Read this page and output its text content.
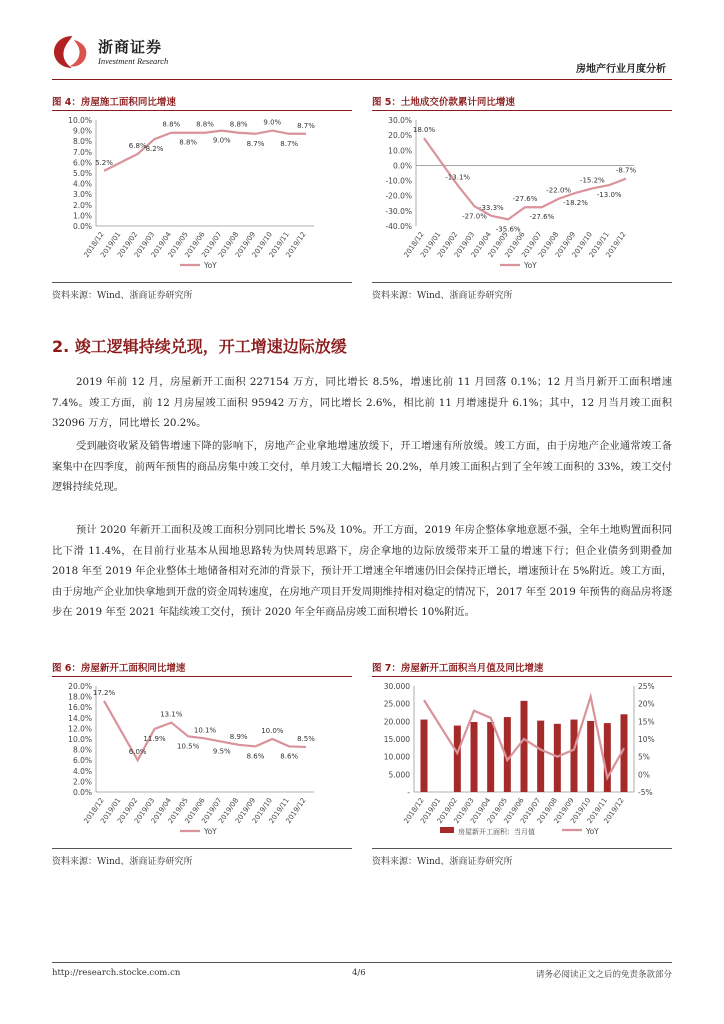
浙商证券
Investment Research
房地产行业月度分析
图 4：房屋施工面积同比增速
0.0%
1.0%
2.0%
3.0%
4.0%
5.0%
6.0%
7.0%
8.0%
9.0%
10.0%
2018/12
2019/01
2019/02
2019/03
2019/04
2019/05
2019/06
2019/07
2019/08
2019/09
2019/10
2019/11
2019/12
5.2%
6.8% 8.2%
8.8%
8.8%
8.8%
9.0%
8.8%
8.7%
9.0%
8.7%
8.7%
YoY
资料来源：Wind、浙商证券研究所
图 5：土地成交价款累计同比增速
-40.0%
-30.0%
-20.0%
-10.0%
0.0%
10.0%
20.0%
30.0%
2018/12
2019/01
2019/02
2019/03
2019/04
2019/05
2019/06
2019/07
2019/08
2019/09
2019/10
2019/11
2019/12
18.0%
-13.1%
-27.0%
-33.3%
-35.6%
-27.6%
-27.6%
-22.0%
-18.2%
-15.2%
-13.0%
-8.7%
YoY
资料来源：Wind、浙商证券研究所
2. 竣工逻辑持续兑现，开工增速边际放缓
2019 年前 12 月，房屋新开工面积 227154 万方，同比增长 8.5%，增速比前 11 月回落 0.1%；12 月当月新开工面积增速 7.4%。竣工方面，前 12 月房屋竣工面积 95942 万方，同比增长 2.6%，相比前 11 月增速提升 6.1%；其中，12 月当月竣工面积 32096 万方，同比增长 20.2%。
受到融资收紧及销售增速下降的影响下，房地产企业拿地增速放缓下，开工增速有所放缓。竣工方面，由于房地产企业通常竣工备案集中在四季度，前两年预售的商品房集中竣工交付，单月竣工大幅增长 20.2%，单月竣工面积占到了全年竣工面积的 33%，竣工交付逻辑持续兑现。
预计 2020 年新开工面积及竣工面积分别同比增长 5%及 10%。开工方面，2019 年房企整体拿地意愿不强，全年土地购置面积同比下滑 11.4%，在目前行业基本从囤地思路转为快周转思路下，房企拿地的边际放缓带来开工量的增速下行；但企业债务到期叠加 2018 年至 2019 年企业整体土地储备相对充沛的背景下，预计开工增速全年增速仍旧会保持正增长，增速预计在 5%附近。竣工方面，由于房地产企业加快拿地到开盘的资金周转速度，在房地产项目开发周期维持相对稳定的情况下，2017 年至 2019 年预售的商品房将逐步在 2019 年至 2021 年陆续竣工交付，预计 2020 年全年商品房竣工面积增长 10%附近。
图 6：房屋新开工面积同比增速
0.0%
2.0%
4.0%
6.0%
8.0%
10.0%
12.0%
14.0%
16.0%
18.0%
20.0%
2018/12
2019/01
2019/02
2019/03
2019/04
2019/05
2019/06
2019/07
2019/08
2019/09
2019/10
2019/11
2019/12
17.2%
6.0%
11.9%
13.1%
10.5%
10.1%
9.5%
8.9%
8.6%
10.0%
8.6%
8.5%
YoY
资料来源：Wind、浙商证券研究所
图 7：房屋新开工面积当月值及同比增速
-
5.000
10.000
15.000
20.000
25.000
30.000
-5%
0%
5%
10%
15%
20%
25%
2018/12
2019/01
2019/02
2019/03
2019/04
2019/05
2019/06
2019/07
2019/08
2019/09
2019/10
2019/11
2019/12
房屋新开工面积：当月值	YoY
资料来源：Wind、浙商证券研究所
http://research.stocke.com.cn	4/6	请务必阅读正文之后的免责条款部分
